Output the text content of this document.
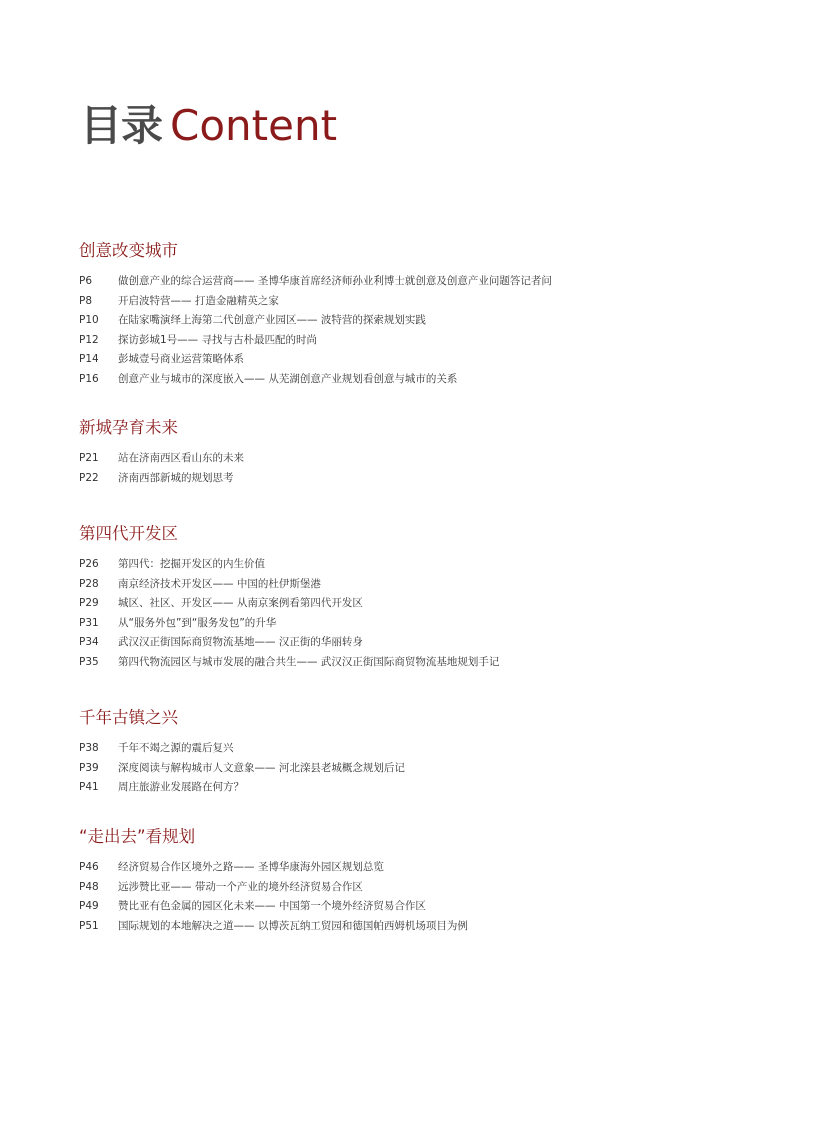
目录 Content
创意改变城市
P6	做创意产业的综合运营商—— 圣博华康首席经济师孙业利博士就创意及创意产业问题答记者问
P8	开启波特营—— 打造金融精英之家
P10	在陆家嘴演绎上海第二代创意产业园区—— 波特营的探索规划实践
P12	探访彭城1号—— 寻找与古朴最匹配的时尚
P14	彭城壹号商业运营策略体系
P16	创意产业与城市的深度嵌入—— 从芜湖创意产业规划看创意与城市的关系
新城孕育未来
P21	站在济南西区看山东的未来
P22	济南西部新城的规划思考
第四代开发区
P26	第四代：挖掘开发区的内生价值
P28	南京经济技术开发区—— 中国的杜伊斯堡港
P29	城区、社区、开发区—— 从南京案例看第四代开发区
P31	从“服务外包”到“服务发包”的升华
P34	武汉汉正街国际商贸物流基地—— 汉正街的华丽转身
P35	第四代物流园区与城市发展的融合共生—— 武汉汉正街国际商贸物流基地规划手记
千年古镇之兴
P38	千年不竭之源的震后复兴
P39	深度阅读与解构城市人文意象—— 河北滦县老城概念规划后记
P41	周庄旅游业发展路在何方？
“走出去”看规划
P46	经济贸易合作区境外之路—— 圣博华康海外园区规划总览
P48	远涉赞比亚—— 带动一个产业的境外经济贸易合作区
P49	赞比亚有色金属的园区化未来—— 中国第一个境外经济贸易合作区
P51	国际规划的本地解决之道—— 以博茨瓦纳工贸园和德国帕西姆机场项目为例
